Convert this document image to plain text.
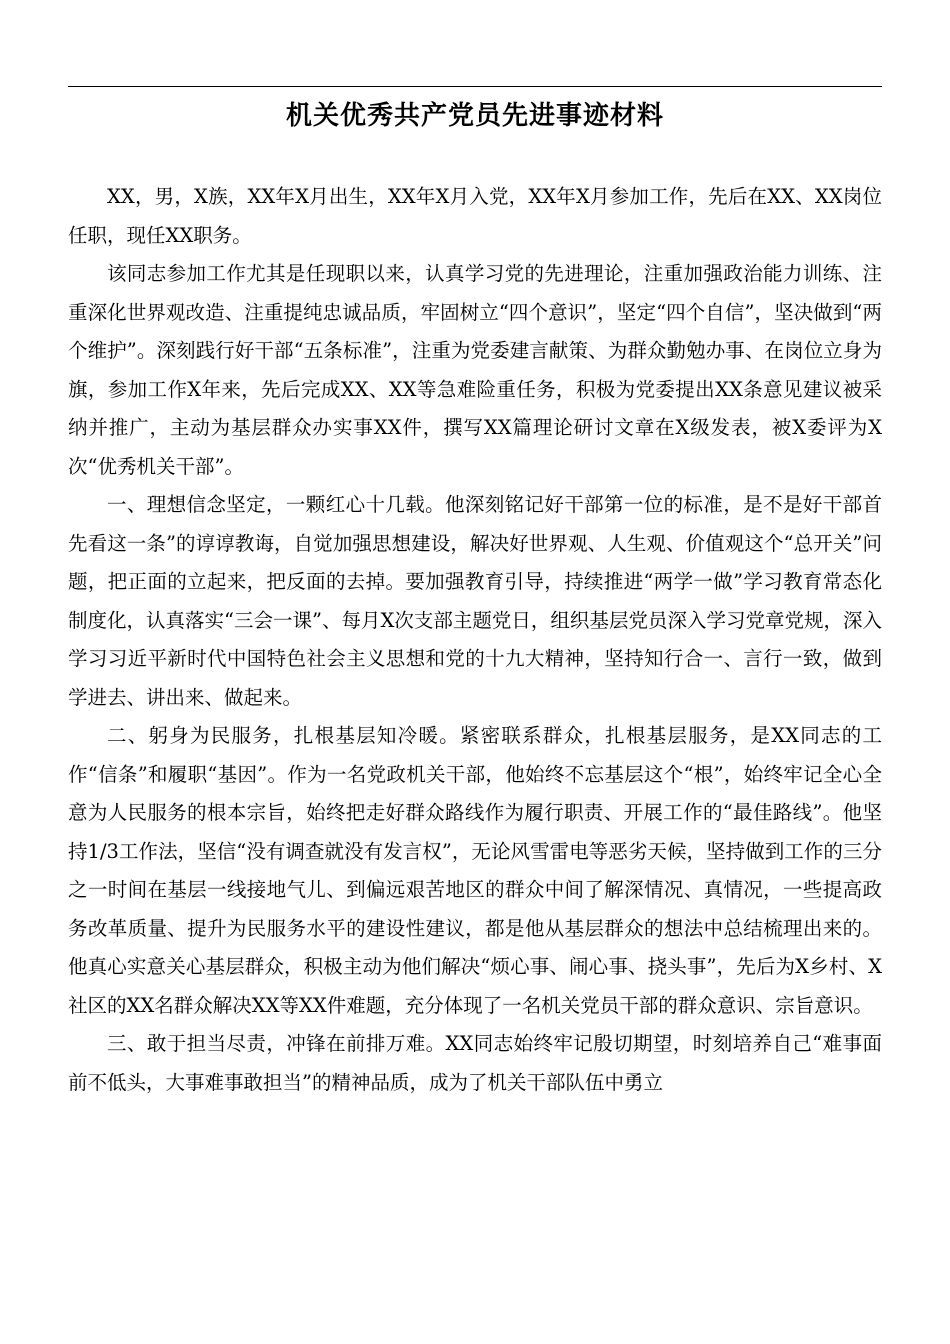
机关优秀共产党员先进事迹材料

XX，男，X族，XX年X月出生，XX年X月入党，XX年X月参加工作，先后在XX、XX岗位任职，现任XX职务。

该同志参加工作尤其是任现职以来，认真学习党的先进理论，注重加强政治能力训练、注重深化世界观改造、注重提纯忠诚品质，牢固树立“四个意识”，坚定“四个自信”，坚决做到“两个维护”。深刻践行好干部“五条标准”，注重为党委建言献策、为群众勤勉办事、在岗位立身为旗，参加工作X年来，先后完成XX、XX等急难险重任务，积极为党委提出XX条意见建议被采纳并推广，主动为基层群众办实事XX件，撰写XX篇理论研讨文章在X级发表，被X委评为X次“优秀机关干部”。

一、理想信念坚定，一颗红心十几载。他深刻铭记好干部第一位的标准，是不是好干部首先看这一条”的谆谆教诲，自觉加强思想建设，解决好世界观、人生观、价值观这个“总开关”问题，把正面的立起来，把反面的去掉。要加强教育引导，持续推进“两学一做”学习教育常态化制度化，认真落实“三会一课”、每月X次支部主题党日，组织基层党员深入学习党章党规，深入学习习近平新时代中国特色社会主义思想和党的十九大精神，坚持知行合一、言行一致，做到学进去、讲出来、做起来。

二、躬身为民服务，扎根基层知冷暖。紧密联系群众，扎根基层服务，是XX同志的工作“信条”和履职“基因”。作为一名党政机关干部，他始终不忘基层这个“根”，始终牢记全心全意为人民服务的根本宗旨，始终把走好群众路线作为履行职责、开展工作的“最佳路线”。他坚持1/3工作法，坚信“没有调查就没有发言权”，无论风雪雷电等恶劣天候，坚持做到工作的三分之一时间在基层一线接地气儿、到偏远艰苦地区的群众中间了解深情况、真情况，一些提高政务改革质量、提升为民服务水平的建设性建议，都是他从基层群众的想法中总结梳理出来的。他真心实意关心基层群众，积极主动为他们解决“烦心事、闹心事、挠头事”，先后为X乡村、X社区的XX名群众解决XX等XX件难题，充分体现了一名机关党员干部的群众意识、宗旨意识。

三、敢于担当尽责，冲锋在前排万难。XX同志始终牢记殷切期望，时刻培养自己“难事面前不低头，大事难事敢担当”的精神品质，成为了机关干部队伍中勇立
